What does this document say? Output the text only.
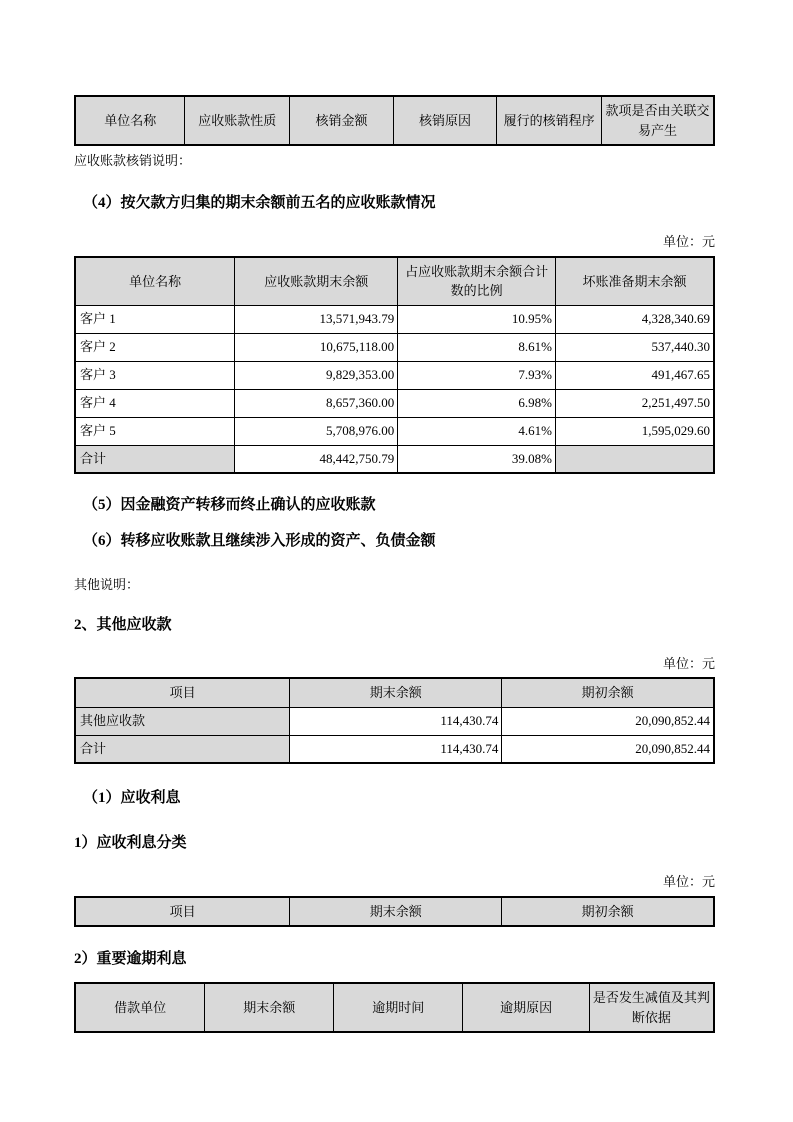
单位名称	应收账款性质	核销金额	核销原因	履行的核销程序	款项是否由关联交易产生
应收账款核销说明：
（4）按欠款方归集的期末余额前五名的应收账款情况
单位：元
单位名称	应收账款期末余额	占应收账款期末余额合计数的比例	坏账准备期末余额
客户 1	13,571,943.79	10.95%	4,328,340.69
客户 2	10,675,118.00	8.61%	537,440.30
客户 3	9,829,353.00	7.93%	491,467.65
客户 4	8,657,360.00	6.98%	2,251,497.50
客户 5	5,708,976.00	4.61%	1,595,029.60
合计	48,442,750.79	39.08%	
（5）因金融资产转移而终止确认的应收账款
（6）转移应收账款且继续涉入形成的资产、负债金额
其他说明：
2、其他应收款
单位：元
项目	期末余额	期初余额
其他应收款	114,430.74	20,090,852.44
合计	114,430.74	20,090,852.44
（1）应收利息
1）应收利息分类
单位：元
项目	期末余额	期初余额
2）重要逾期利息
借款单位	期末余额	逾期时间	逾期原因	是否发生减值及其判断依据
